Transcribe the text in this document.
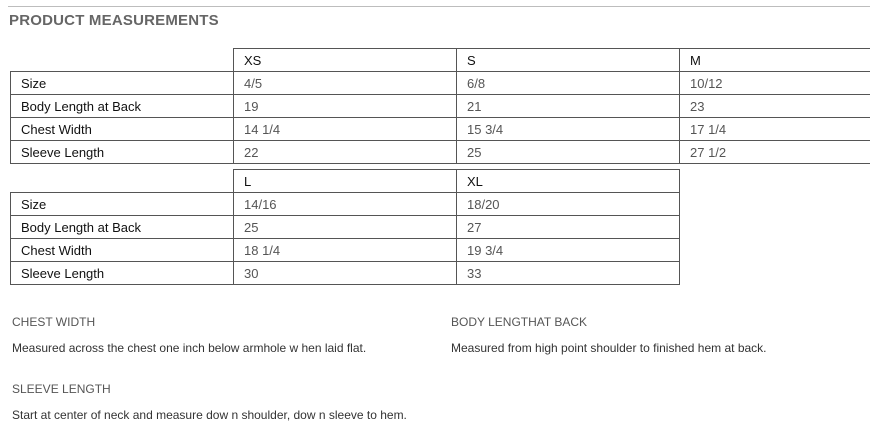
PRODUCT MEASUREMENTS
	XS	S	M
Size	4/5	6/8	10/12
Body Length at Back	19	21	23
Chest Width	14 1/4	15 3/4	17 1/4
Sleeve Length	22	25	27 1/2
	L	XL
Size	14/16	18/20
Body Length at Back	25	27
Chest Width	18 1/4	19 3/4
Sleeve Length	30	33
CHEST WIDTH
Measured across the chest one inch below armhole w hen laid flat.
BODY LENGTHAT BACK
Measured from high point shoulder to finished hem at back.
SLEEVE LENGTH
Start at center of neck and measure dow n shoulder, dow n sleeve to hem.
